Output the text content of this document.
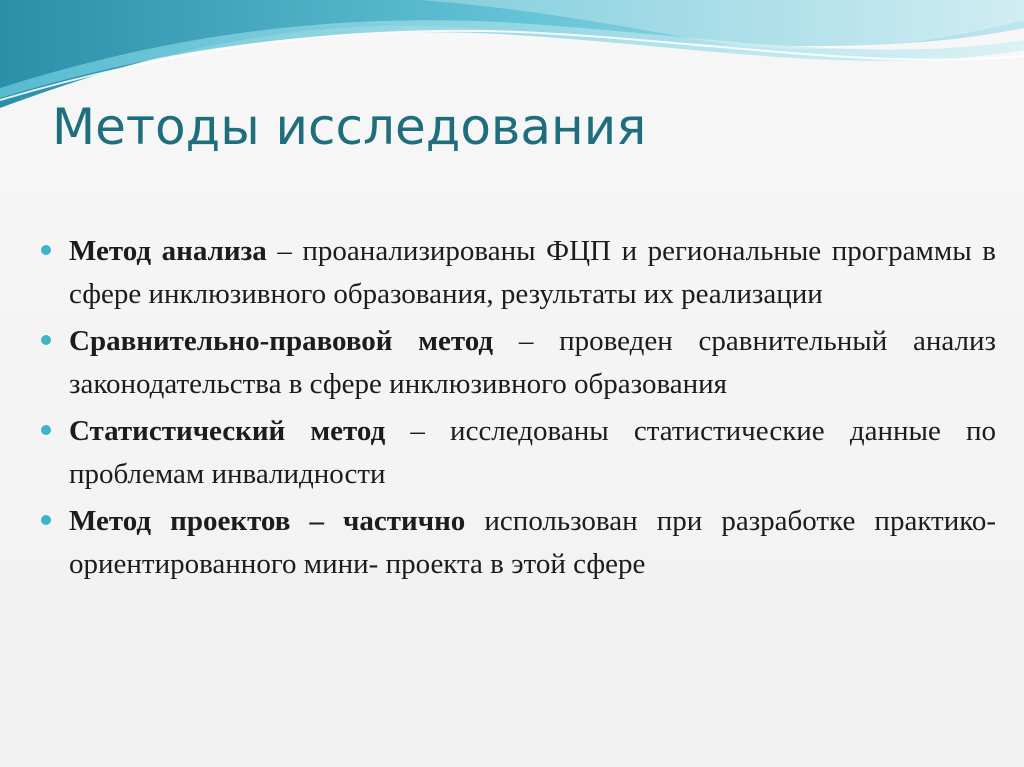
Методы исследования
Метод анализа – проанализированы ФЦП и региональные программы в сфере инклюзивного образования, результаты их реализации
Сравнительно-правовой метод – проведен сравнительный анализ законодательства в сфере инклюзивного образования
Статистический метод – исследованы статистические данные по проблемам инвалидности
Метод проектов – частично использован при разработке практико-ориентированного мини- проекта в этой сфере
